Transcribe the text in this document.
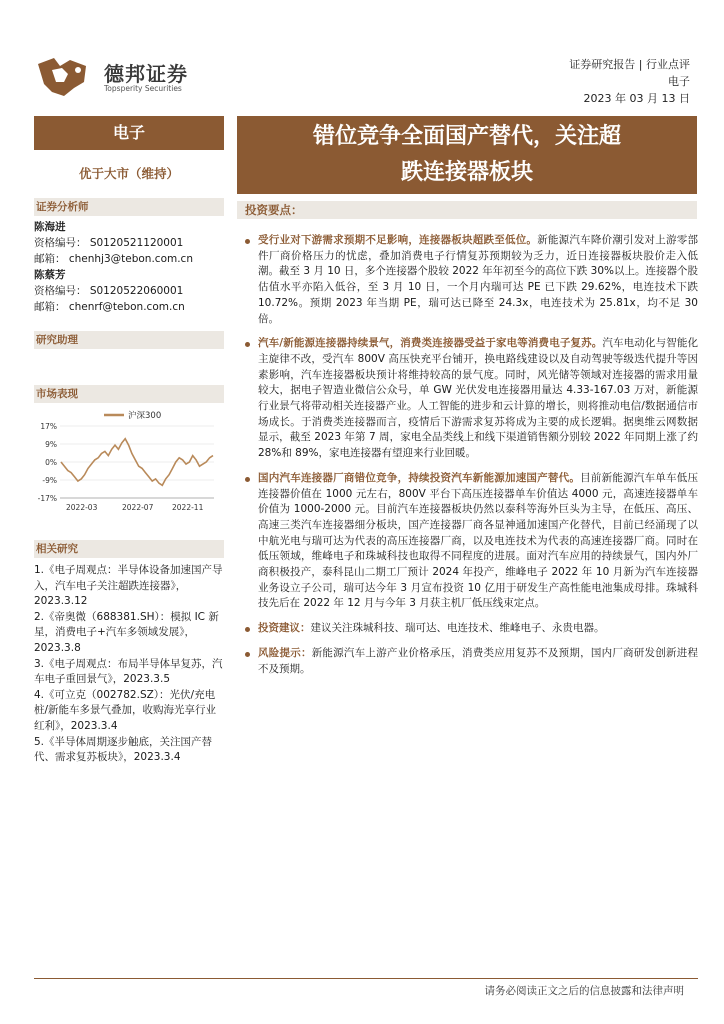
德邦证券
Topsperity Securities
证券研究报告 | 行业点评
电子
2023 年 03 月 13 日
电子	错位竞争全面国产替代，关注超
跌连接器板块
优于大市（维持）
证券分析师
陈海进
资格编号： S0120521120001
邮箱： chenhj3@tebon.com.cn
陈蔡芳
资格编号： S0120522060001
邮箱： chenrf@tebon.com.cn
研究助理
市场表现
17%
9%
0%
-9%
-17%
2022-03	2022-07 2022-11
沪深300
相关研究
1.《电子周观点：半导体设备加速国产导入，汽车电子关注超跌连接器》，2023.3.12
2.《帝奥微（688381.SH）：模拟 IC 新星，消费电子+汽车多领域发展》，2023.3.8
3.《电子周观点：布局半导体早复苏，汽车电子重回景气》，2023.3.5
4.《可立克（002782.SZ）：光伏/充电桩/新能车多景气叠加，收购海光享行业红利》，2023.3.4
5.《半导体周期逐步触底，关注国产替代、需求复苏板块》，2023.3.4
投资要点：
受行业对下游需求预期不足影响，连接器板块超跌至低位。新能源汽车降价潮引发对上游零部件厂商价格压力的忧虑，叠加消费电子行情复苏预期较为乏力，近日连接器板块股价走入低潮。截至 3 月 10 日，多个连接器个股较 2022 年年初至今的高位下跌 30%以上。连接器个股估值水平亦陷入低谷，至 3 月 10 日，一个月内瑞可达 PE 已下跌 29.62%，电连技术下跌 10.72%。预期 2023 年当期 PE，瑞可达已降至 24.3x，电连技术为 25.81x，均不足 30 倍。
汽车/新能源连接器持续景气，消费类连接器受益于家电等消费电子复苏。汽车电动化与智能化主旋律不改，受汽车 800V 高压快充平台铺开，换电路线建设以及自动驾驶等级迭代提升等因素影响，汽车连接器板块预计将维持较高的景气度。同时，风光储等领域对连接器的需求用量较大，据电子智造业微信公众号，单 GW 光伏发电连接器用量达 4.33-167.03 万对，新能源行业景气将带动相关连接器产业。人工智能的进步和云计算的增长，则将推动电信/数据通信市场成长。于消费类连接器而言，疫情后下游需求复苏将成为主要的成长逻辑。据奥维云网数据显示，截至 2023 年第 7 周，家电全品类线上和线下渠道销售额分别较 2022 年同期上涨了约 28%和 89%，家电连接器有望迎来行业回暖。
国内汽车连接器厂商错位竞争，持续投资汽车新能源加速国产替代。目前新能源汽车单车低压连接器价值在 1000 元左右，800V 平台下高压连接器单车价值达 4000 元，高速连接器单车价值为 1000-2000 元。目前汽车连接器板块仍然以泰科等海外巨头为主导，在低压、高压、高速三类汽车连接器细分板块，国产连接器厂商各显神通加速国产化替代，目前已经涌现了以中航光电与瑞可达为代表的高压连接器厂商，以及电连技术为代表的高速连接器厂商。同时在低压领域，维峰电子和珠城科技也取得不同程度的进展。面对汽车应用的持续景气，国内外厂商积极投产，泰科昆山二期工厂预计 2024 年投产，维峰电子 2022 年 10 月新为汽车连接器业务设立子公司，瑞可达今年 3 月宣布投资 10 亿用于研发生产高性能电池集成母排。珠城科技先后在 2022 年 12 月与今年 3 月获主机厂低压线束定点。
投资建议：建议关注珠城科技、瑞可达、电连技术、维峰电子、永贵电器。
风险提示：新能源汽车上游产业价格承压，消费类应用复苏不及预期，国内厂商研发创新进程不及预期。
请务必阅读正文之后的信息披露和法律声明
